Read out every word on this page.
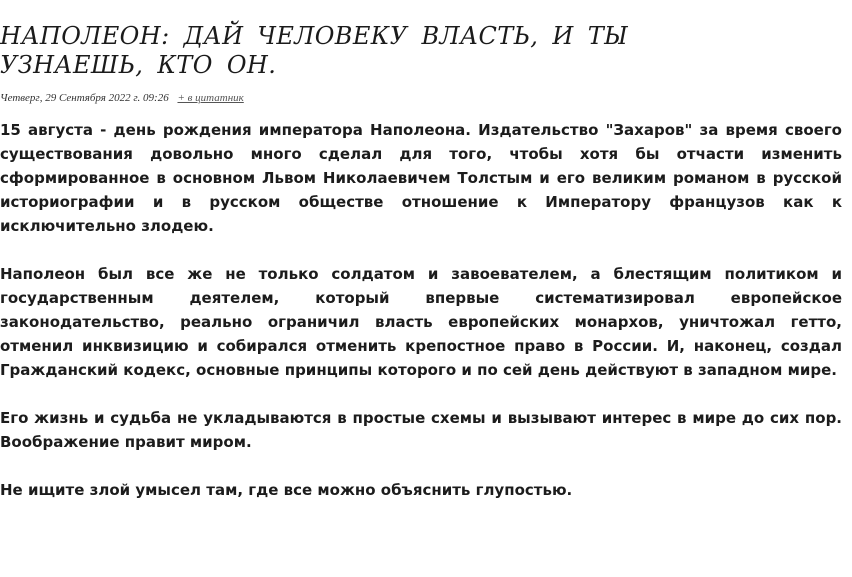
НАПОЛЕОН: ДАЙ ЧЕЛОВЕКУ ВЛАСТЬ, И ТЫ УЗНАЕШЬ, КТО ОН.
Четверг, 29 Сентября 2022 г. 09:26 + в цитатник

15 августа - день рождения императора Наполеона. Издательство "Захаров" за время своего существования довольно много сделал для того, чтобы хотя бы отчасти изменить сформированное в основном Львом Николаевичем Толстым и его великим романом в русской историографии и в русском обществе отношение к Императору французов как к исключительно злодею.

Наполеон был все же не только солдатом и завоевателем, а блестящим политиком и государственным деятелем, который впервые систематизировал европейское законодательство, реально ограничил власть европейских монархов, уничтожал гетто, отменил инквизицию и собирался отменить крепостное право в России. И, наконец, создал Гражданский кодекс, основные принципы которого и по сей день действуют в западном мире.

Его жизнь и судьба не укладываются в простые схемы и вызывают интерес в мире до сих пор. Воображение правит миром.

Не ищите злой умысел там, где все можно объяснить глупостью.
